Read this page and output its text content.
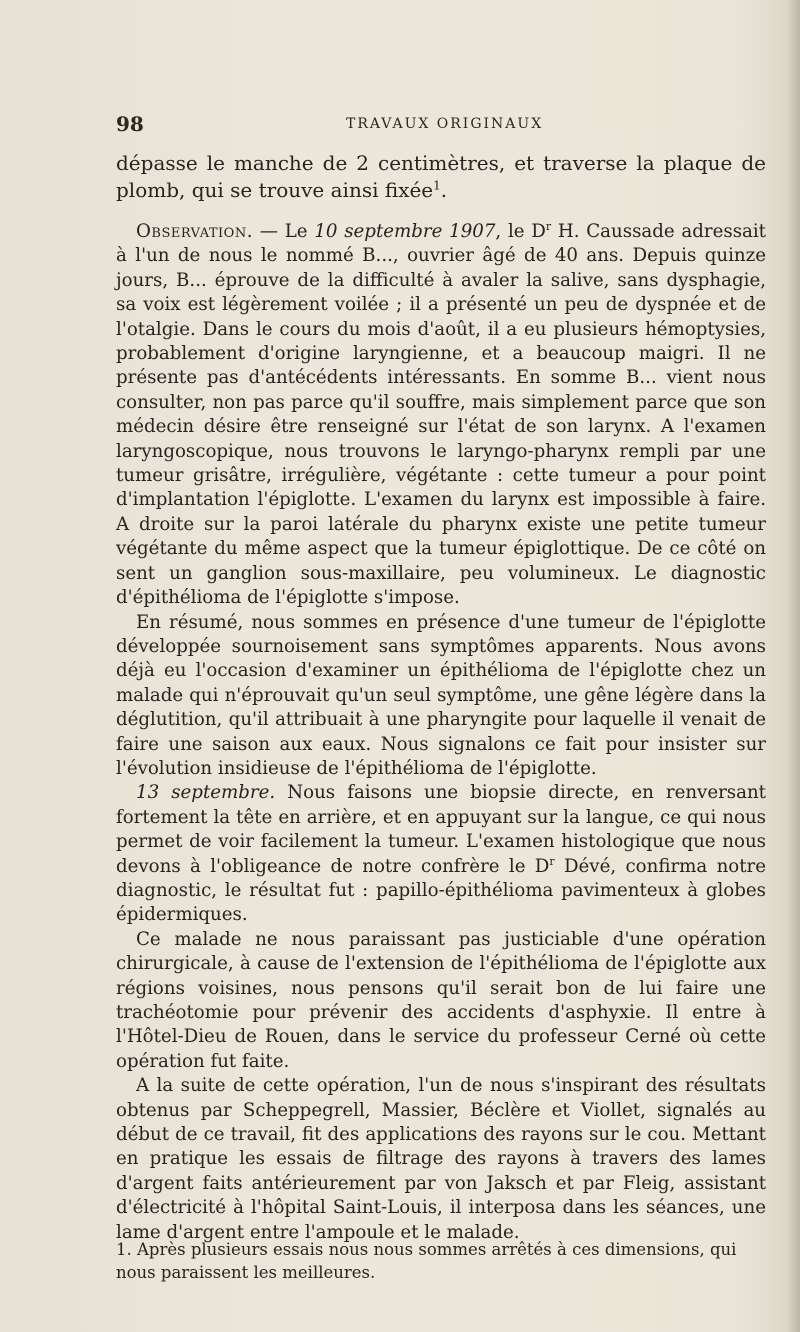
98	TRAVAUX ORIGINAUX

dépasse le manche de 2 centimètres, et traverse la plaque de plomb, qui se trouve ainsi fixée$^1$.

Observation. — Le 10 septembre 1907, le $D^r$ H. Caussade adressait à l'un de nous le nommé B..., ouvrier âgé de 40 ans. Depuis quinze jours, B... éprouve de la difficulté à avaler la salive, sans dysphagie, sa voix est légèrement voilée ; il a présenté un peu de dyspnée et de l'otalgie. Dans le cours du mois d'août, il a eu plusieurs hémoptysies, probablement d'origine laryngienne, et a beaucoup maigri. Il ne présente pas d'antécédents intéressants. En somme B... vient nous consulter, non pas parce qu'il souffre, mais simplement parce que son médecin désire être renseigné sur l'état de son larynx. A l'examen laryngoscopique, nous trouvons le laryngo-pharynx rempli par une tumeur grisâtre, irrégulière, végétante : cette tumeur a pour point d'implantation l'épiglotte. L'examen du larynx est impossible à faire. A droite sur la paroi latérale du pharynx existe une petite tumeur végétante du même aspect que la tumeur épiglottique. De ce côté on sent un ganglion sous-maxillaire, peu volumineux. Le diagnostic d'épithélioma de l'épiglotte s'impose.

En résumé, nous sommes en présence d'une tumeur de l'épiglotte développée sournoisement sans symptômes apparents. Nous avons déjà eu l'occasion d'examiner un épithélioma de l'épiglotte chez un malade qui n'éprouvait qu'un seul symptôme, une gêne légère dans la déglutition, qu'il attribuait à une pharyngite pour laquelle il venait de faire une saison aux eaux. Nous signalons ce fait pour insister sur l'évolution insidieuse de l'épithélioma de l'épiglotte.

13 septembre. Nous faisons une biopsie directe, en renversant fortement la tête en arrière, et en appuyant sur la langue, ce qui nous permet de voir facilement la tumeur. L'examen histologique que nous devons à l'obligeance de notre confrère le $D^r$ Dévé, confirma notre diagnostic, le résultat fut : papillo-épithélioma pavimenteux à globes épidermiques.

Ce malade ne nous paraissant pas justiciable d'une opération chirurgicale, à cause de l'extension de l'épithélioma de l'épiglotte aux régions voisines, nous pensons qu'il serait bon de lui faire une trachéotomie pour prévenir des accidents d'asphyxie. Il entre à l'Hôtel-Dieu de Rouen, dans le service du professeur Cerné où cette opération fut faite.

A la suite de cette opération, l'un de nous s'inspirant des résultats obtenus par Scheppegrell, Massier, Béclère et Viollet, signalés au début de ce travail, fit des applications des rayons sur le cou. Mettant en pratique les essais de filtrage des rayons à travers des lames d'argent faits antérieurement par von Jaksch et par Fleig, assistant d'électricité à l'hôpital Saint-Louis, il interposa dans les séances, une lame d'argent entre l'ampoule et le malade.

1. Après plusieurs essais nous nous sommes arrêtés à ces dimensions, qui nous paraissent les meilleures.
